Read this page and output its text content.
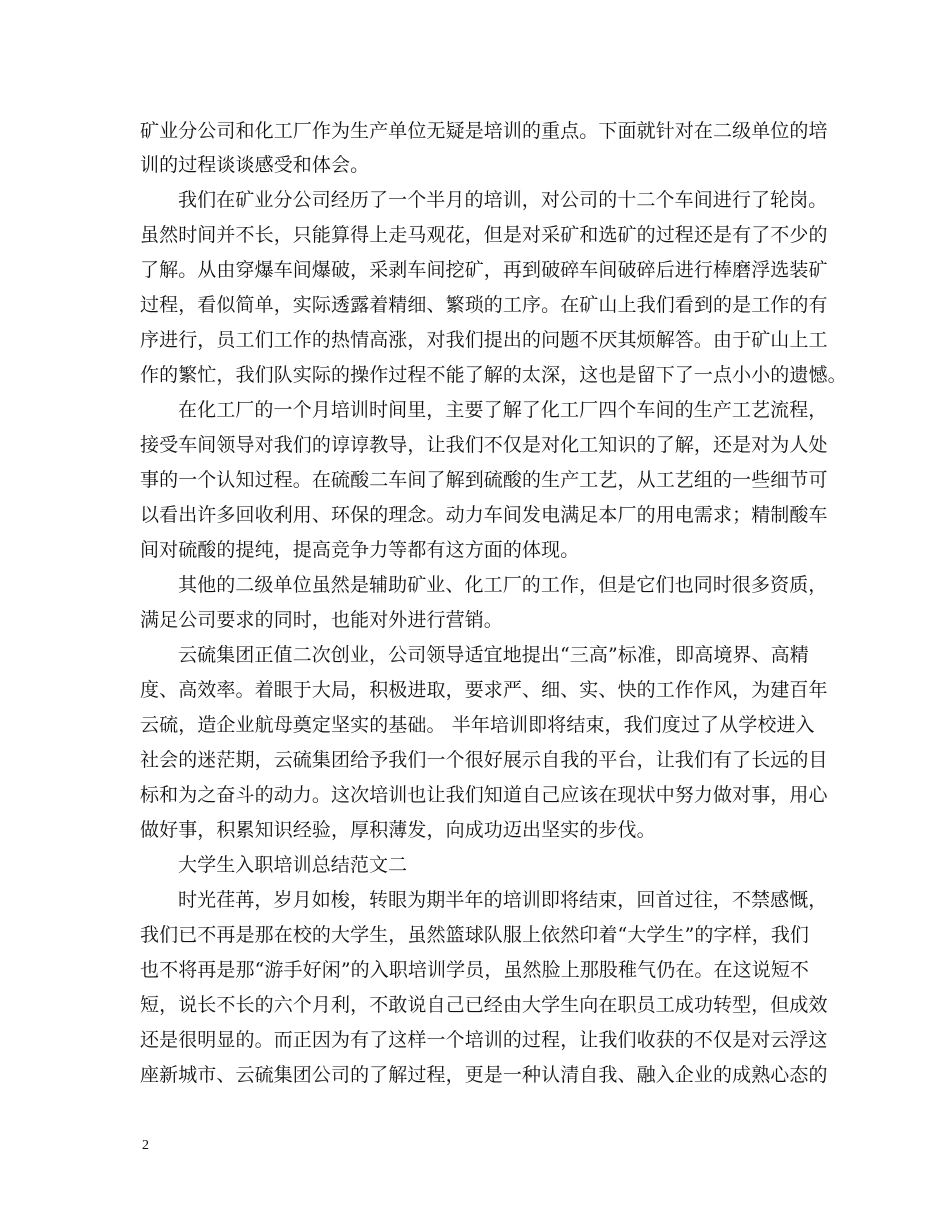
矿业分公司和化工厂作为生产单位无疑是培训的重点。下面就针对在二级单位的培
训的过程谈谈感受和体会。
我们在矿业分公司经历了一个半月的培训，对公司的十二个车间进行了轮岗。
虽然时间并不长，只能算得上走马观花，但是对采矿和选矿的过程还是有了不少的
了解。从由穿爆车间爆破，采剥车间挖矿，再到破碎车间破碎后进行棒磨浮选装矿
过程，看似简单，实际透露着精细、繁琐的工序。在矿山上我们看到的是工作的有
序进行，员工们工作的热情高涨，对我们提出的问题不厌其烦解答。由于矿山上工
作的繁忙，我们队实际的操作过程不能了解的太深，这也是留下了一点小小的遗憾。
在化工厂的一个月培训时间里，主要了解了化工厂四个车间的生产工艺流程，
接受车间领导对我们的谆谆教导，让我们不仅是对化工知识的了解，还是对为人处
事的一个认知过程。在硫酸二车间了解到硫酸的生产工艺，从工艺组的一些细节可
以看出许多回收利用、环保的理念。动力车间发电满足本厂的用电需求；精制酸车
间对硫酸的提纯，提高竞争力等都有这方面的体现。
其他的二级单位虽然是辅助矿业、化工厂的工作，但是它们也同时很多资质，
满足公司要求的同时，也能对外进行营销。
云硫集团正值二次创业，公司领导适宜地提出“三高”标准，即高境界、高精
度、高效率。着眼于大局，积极进取，要求严、细、实、快的工作作风，为建百年
云硫，造企业航母奠定坚实的基础。 半年培训即将结束，我们度过了从学校进入
社会的迷茫期，云硫集团给予我们一个很好展示自我的平台，让我们有了长远的目
标和为之奋斗的动力。这次培训也让我们知道自己应该在现状中努力做对事，用心
做好事，积累知识经验，厚积薄发，向成功迈出坚实的步伐。
大学生入职培训总结范文二
时光荏苒，岁月如梭，转眼为期半年的培训即将结束，回首过往，不禁感慨，
我们已不再是那在校的大学生，虽然篮球队服上依然印着“大学生”的字样，我们
也不将再是那“游手好闲”的入职培训学员，虽然脸上那股稚气仍在。在这说短不
短，说长不长的六个月利，不敢说自己已经由大学生向在职员工成功转型，但成效
还是很明显的。而正因为有了这样一个培训的过程，让我们收获的不仅是对云浮这
座新城市、云硫集团公司的了解过程，更是一种认清自我、融入企业的成熟心态的
2
